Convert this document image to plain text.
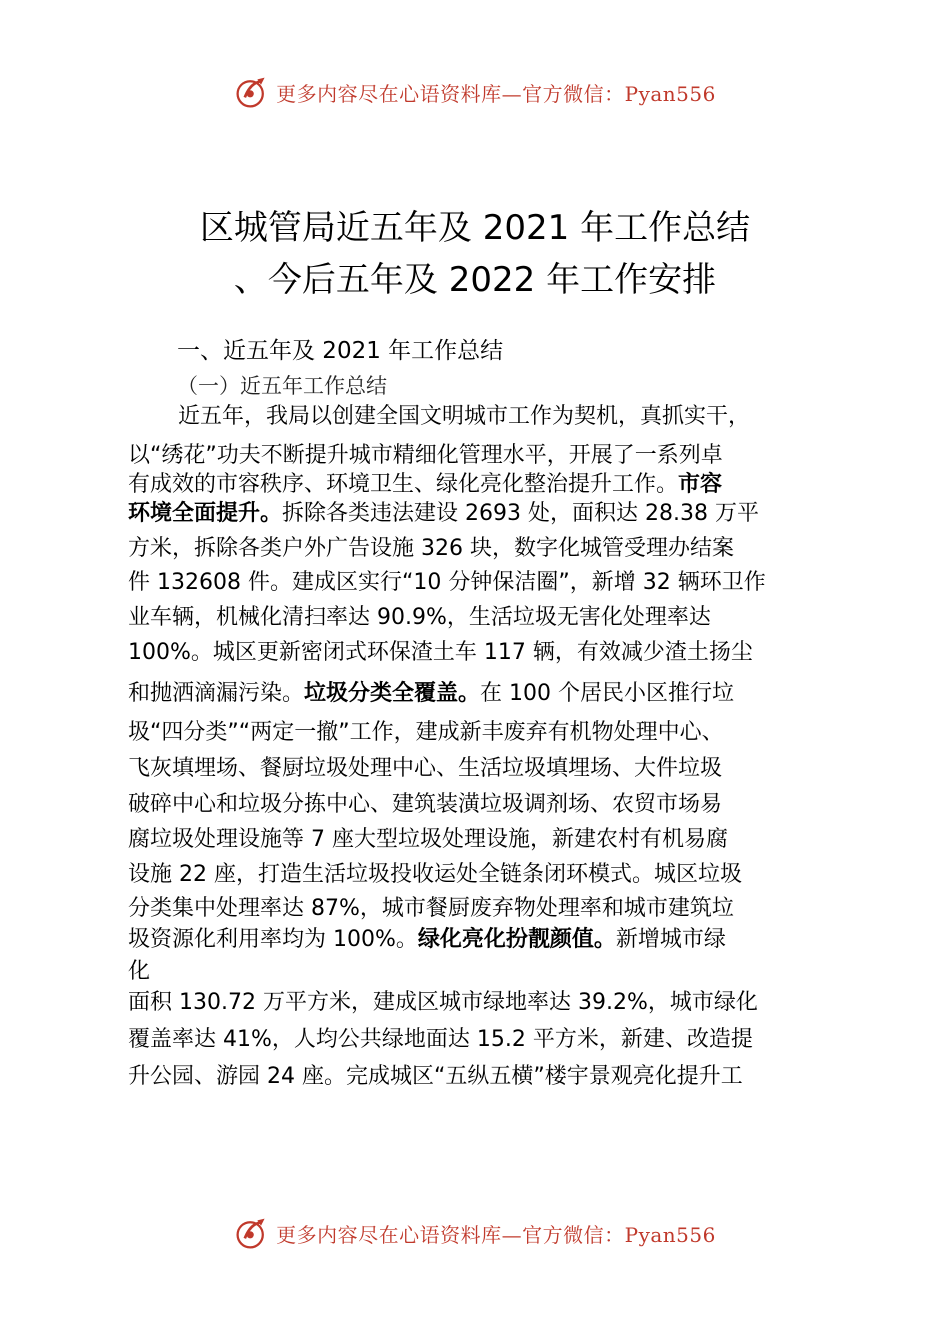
更多内容尽在心语资料库—官方微信：Pyan556
区城管局近五年及 2021 年工作总结
、今后五年及 2022 年工作安排
一、近五年及 2021 年工作总结
（一）近五年工作总结
近五年，我局以创建全国文明城市工作为契机，真抓实干，
以“绣花”功夫不断提升城市精细化管理水平，开展了一系列卓
有成效的市容秩序、环境卫生、绿化亮化整治提升工作。市容
环境全面提升。拆除各类违法建设 2693 处，面积达 28.38 万平
方米，拆除各类户外广告设施 326 块，数字化城管受理办结案
件 132608 件。建成区实行“10 分钟保洁圈”，新增 32 辆环卫作
业车辆，机械化清扫率达 90.9%，生活垃圾无害化处理率达
100%。城区更新密闭式环保渣土车 117 辆，有效减少渣土扬尘
和抛洒滴漏污染。垃圾分类全覆盖。在 100 个居民小区推行垃
圾“四分类”“两定一撤”工作，建成新丰废弃有机物处理中心、
飞灰填埋场、餐厨垃圾处理中心、生活垃圾填埋场、大件垃圾
破碎中心和垃圾分拣中心、建筑装潢垃圾调剂场、农贸市场易
腐垃圾处理设施等 7 座大型垃圾处理设施，新建农村有机易腐
设施 22 座，打造生活垃圾投收运处全链条闭环模式。城区垃圾
分类集中处理率达 87%，城市餐厨废弃物处理率和城市建筑垃
圾资源化利用率均为 100%。绿化亮化扮靓颜值。新增城市绿
化
面积 130.72 万平方米，建成区城市绿地率达 39.2%，城市绿化
覆盖率达 41%，人均公共绿地面达 15.2 平方米，新建、改造提
升公园、游园 24 座。完成城区“五纵五横”楼宇景观亮化提升工
更多内容尽在心语资料库—官方微信：Pyan556
